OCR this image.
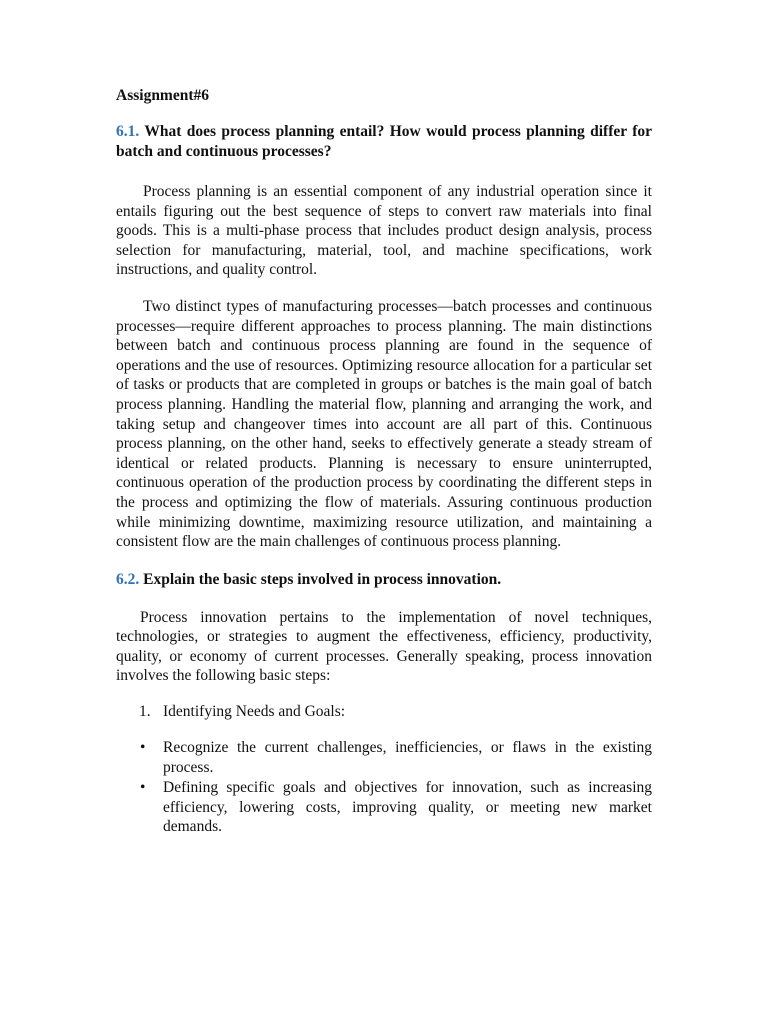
Assignment#6

6.1. What does process planning entail? How would process planning differ for batch and continuous processes?

Process planning is an essential component of any industrial operation since it entails figuring out the best sequence of steps to convert raw materials into final goods. This is a multi-phase process that includes product design analysis, process selection for manufacturing, material, tool, and machine specifications, work instructions, and quality control.

Two distinct types of manufacturing processes—batch processes and continuous processes—require different approaches to process planning. The main distinctions between batch and continuous process planning are found in the sequence of operations and the use of resources. Optimizing resource allocation for a particular set of tasks or products that are completed in groups or batches is the main goal of batch process planning. Handling the material flow, planning and arranging the work, and taking setup and changeover times into account are all part of this. Continuous process planning, on the other hand, seeks to effectively generate a steady stream of identical or related products. Planning is necessary to ensure uninterrupted, continuous operation of the production process by coordinating the different steps in the process and optimizing the flow of materials. Assuring continuous production while minimizing downtime, maximizing resource utilization, and maintaining a consistent flow are the main challenges of continuous process planning.

6.2. Explain the basic steps involved in process innovation.

Process innovation pertains to the implementation of novel techniques, technologies, or strategies to augment the effectiveness, efficiency, productivity, quality, or economy of current processes. Generally speaking, process innovation involves the following basic steps:

1. Identifying Needs and Goals:
• Recognize the current challenges, inefficiencies, or flaws in the existing process.
• Defining specific goals and objectives for innovation, such as increasing efficiency, lowering costs, improving quality, or meeting new market demands.
